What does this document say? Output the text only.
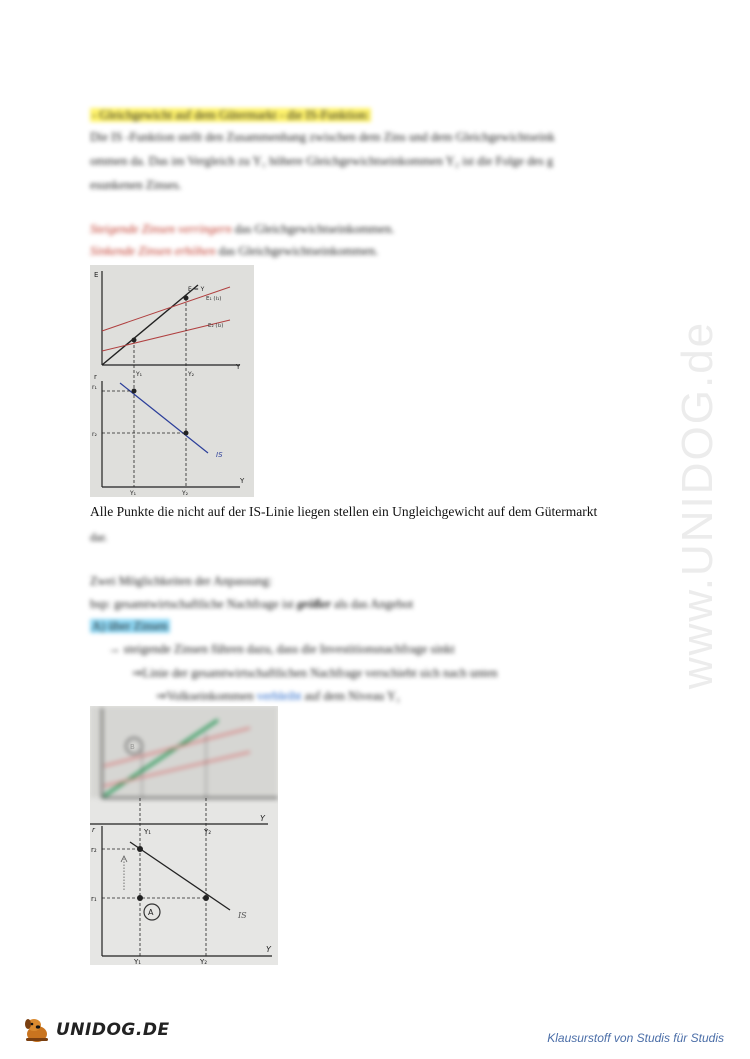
- Gleichgewicht auf dem Gütermarkt - die IS-Funktion:
Die IS -Funktion stellt den Zusammenhang zwischen dem Zins und dem Gleichgewichtseink
ommen da. Das im Vergleich zu Y₁ höhere Gleichgewichtseinkommen Y₂ ist die Folge des g
esunkenen Zinses.
Steigende Zinsen verringern das Gleichgewichtseinkommen.
Sinkende Zinsen erhöhen das Gleichgewichtseinkommen.
E
Y
E = Y
E₁ (i₁)
E₂ (i₂)
Y₁	Y₂
r
Y
IS
r₁
r₂
Y₁	Y₂
Alle Punkte die nicht auf der IS-Linie liegen stellen ein Ungleichgewicht auf dem Gütermarkt
dar.
Zwei Möglichkeiten der Anpassung:
bsp: gesamtwirtschaftliche Nachfrage ist größer als das Angebot
A) über Zinsen
→ steigende Zinsen führen dazu, dass die Investitionsnachfrage sinkt
⇒Linie der gesamtwirtschaftlichen Nachfrage verschiebt sich nach unten
⇒Volkseinkommen verbleibt auf dem Niveau Y₁
B
Y
r
Y
Y₁	Y₂
IS
r₂
r₁
A
Y₁	Y₂
www.UNIDOG.de
UNIDOG.DE	Klausurstoff von Studis für Studis
